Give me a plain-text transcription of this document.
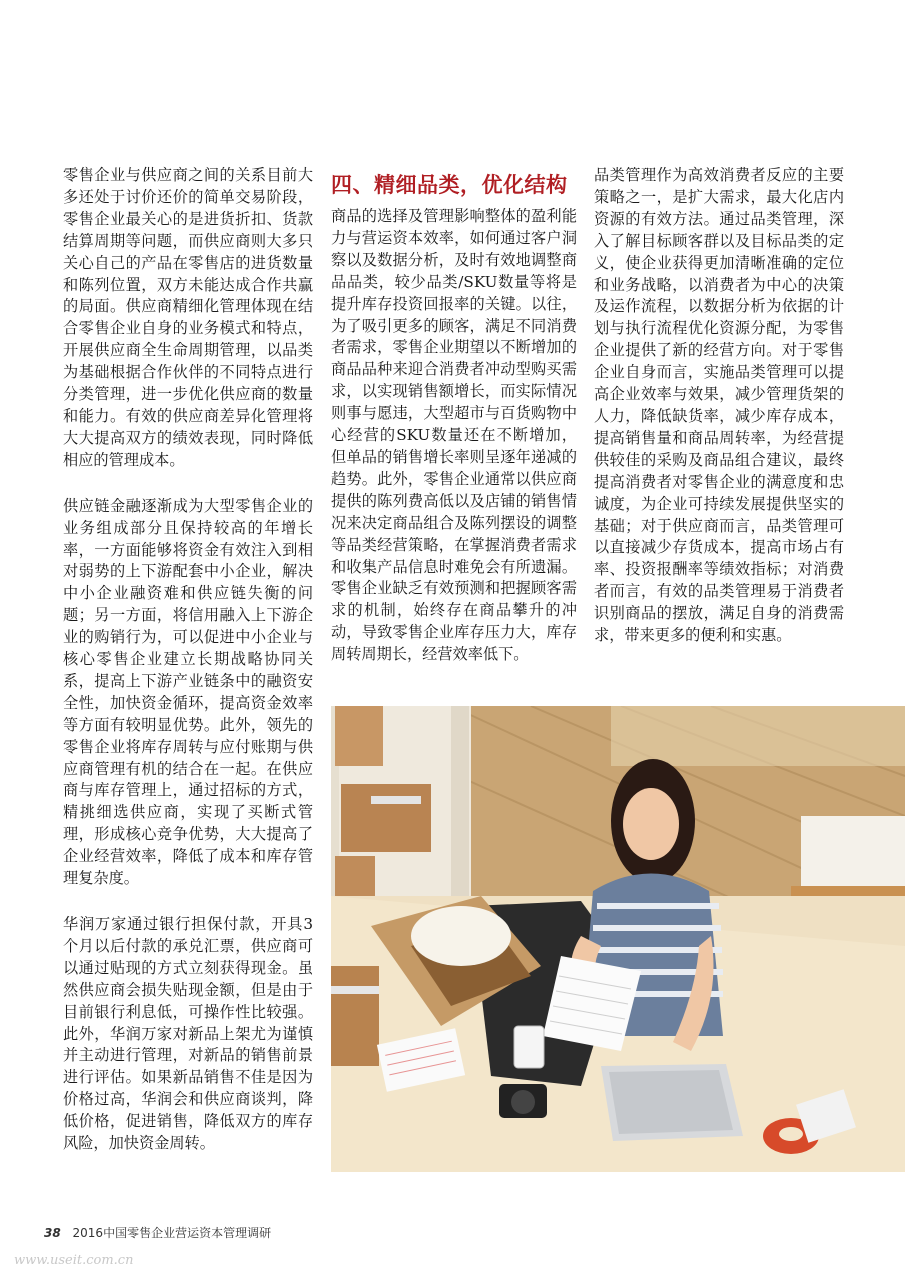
零售企业与供应商之间的关系目前大多还处于讨价还价的简单交易阶段，零售企业最关心的是进货折扣、货款结算周期等问题，而供应商则大多只关心自己的产品在零售店的进货数量和陈列位置，双方未能达成合作共赢的局面。供应商精细化管理体现在结合零售企业自身的业务模式和特点，开展供应商全生命周期管理，以品类为基础根据合作伙伴的不同特点进行分类管理，进一步优化供应商的数量和能力。有效的供应商差异化管理将大大提高双方的绩效表现，同时降低相应的管理成本。

供应链金融逐渐成为大型零售企业的业务组成部分且保持较高的年增长率，一方面能够将资金有效注入到相对弱势的上下游配套中小企业，解决中小企业融资难和供应链失衡的问题；另一方面，将信用融入上下游企业的购销行为，可以促进中小企业与核心零售企业建立长期战略协同关系，提高上下游产业链条中的融资安全性，加快资金循环，提高资金效率等方面有较明显优势。此外，领先的零售企业将库存周转与应付账期与供应商管理有机的结合在一起。在供应商与库存管理上，通过招标的方式，精挑细选供应商，实现了买断式管理，形成核心竞争优势，大大提高了企业经营效率，降低了成本和库存管理复杂度。

华润万家通过银行担保付款，开具3个月以后付款的承兑汇票，供应商可以通过贴现的方式立刻获得现金。虽然供应商会损失贴现金额，但是由于目前银行利息低，可操作性比较强。此外，华润万家对新品上架尤为谨慎并主动进行管理，对新品的销售前景进行评估。如果新品销售不佳是因为价格过高，华润会和供应商谈判，降低价格，促进销售，降低双方的库存风险，加快资金周转。

四、精细品类，优化结构

商品的选择及管理影响整体的盈利能力与营运资本效率，如何通过客户洞察以及数据分析，及时有效地调整商品品类，较少品类/SKU数量等将是提升库存投资回报率的关键。以往，为了吸引更多的顾客，满足不同消费者需求，零售企业期望以不断增加的商品品种来迎合消费者冲动型购买需求，以实现销售额增长，而实际情况则事与愿违，大型超市与百货购物中心经营的SKU数量还在不断增加，但单品的销售增长率则呈逐年递减的趋势。此外，零售企业通常以供应商提供的陈列费高低以及店铺的销售情况来决定商品组合及陈列摆设的调整等品类经营策略，在掌握消费者需求和收集产品信息时难免会有所遗漏。零售企业缺乏有效预测和把握顾客需求的机制，始终存在商品攀升的冲动，导致零售企业库存压力大，库存周转周期长，经营效率低下。

品类管理作为高效消费者反应的主要策略之一，是扩大需求，最大化店内资源的有效方法。通过品类管理，深入了解目标顾客群以及目标品类的定义，使企业获得更加清晰准确的定位和业务战略，以消费者为中心的决策及运作流程，以数据分析为依据的计划与执行流程优化资源分配，为零售企业提供了新的经营方向。对于零售企业自身而言，实施品类管理可以提高企业效率与效果，减少管理货架的人力，降低缺货率，减少库存成本，提高销售量和商品周转率，为经营提供较佳的采购及商品组合建议，最终提高消费者对零售企业的满意度和忠诚度，为企业可持续发展提供坚实的基础；对于供应商而言，品类管理可以直接减少存货成本，提高市场占有率、投资报酬率等绩效指标；对消费者而言，有效的品类管理易于消费者识别商品的摆放，满足自身的消费需求，带来更多的便利和实惠。

38 2016中国零售企业营运资本管理调研
www.useit.com.cn
